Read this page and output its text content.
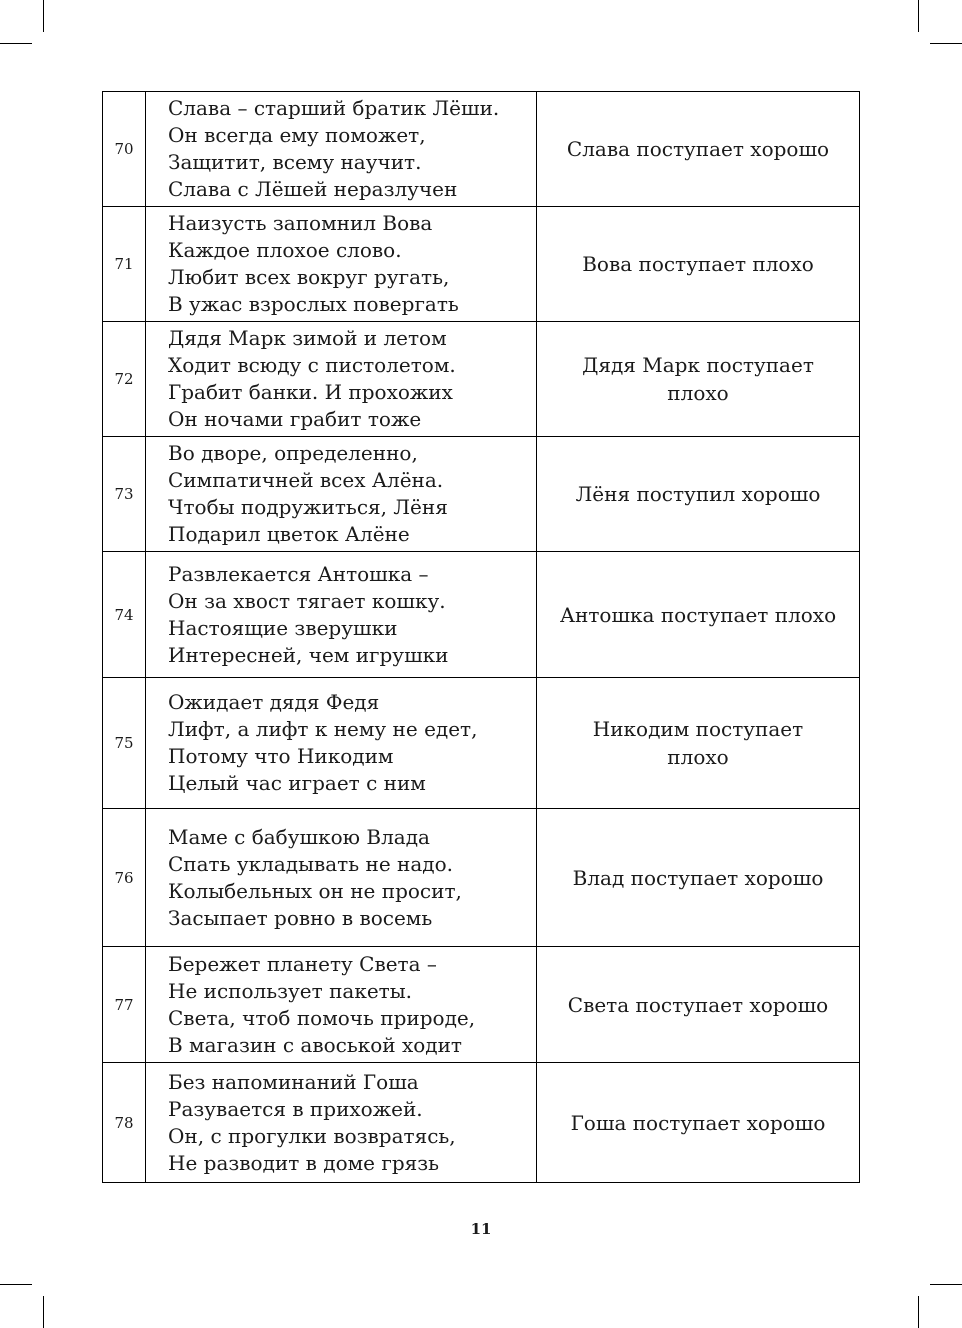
70	Слава – старший братик Лёши.
Он всегда ему поможет,
Защитит, всему научит.
Слава с Лёшей неразлучен	Слава поступает хорошо
71	Наизусть запомнил Вова
Каждое плохое слово.
Любит всех вокруг ругать,
В ужас взрослых повергать	Вова поступает плохо
72	Дядя Марк зимой и летом
Ходит всюду с пистолетом.
Грабит банки. И прохожих
Он ночами грабит тоже	Дядя Марк поступает плохо
73	Во дворе, определенно,
Симпатичней всех Алёна.
Чтобы подружиться, Лёня
Подарил цветок Алёне	Лёня поступил хорошо
74	Развлекается Антошка –
Он за хвост тягает кошку.
Настоящие зверушки
Интересней, чем игрушки	Антошка поступает плохо
75	Ожидает дядя Федя
Лифт, а лифт к нему не едет,
Потому что Никодим
Целый час играет с ним	Никодим поступает плохо
76	Маме с бабушкою Влада
Спать укладывать не надо.
Колыбельных он не просит,
Засыпает ровно в восемь	Влад поступает хорошо
77	Бережет планету Света –
Не использует пакеты.
Света, чтоб помочь природе,
В магазин с авоськой ходит	Света поступает хорошо
78	Без напоминаний Гоша
Разувается в прихожей.
Он, с прогулки возвратясь,
Не разводит в доме грязь	Гоша поступает хорошо
11
